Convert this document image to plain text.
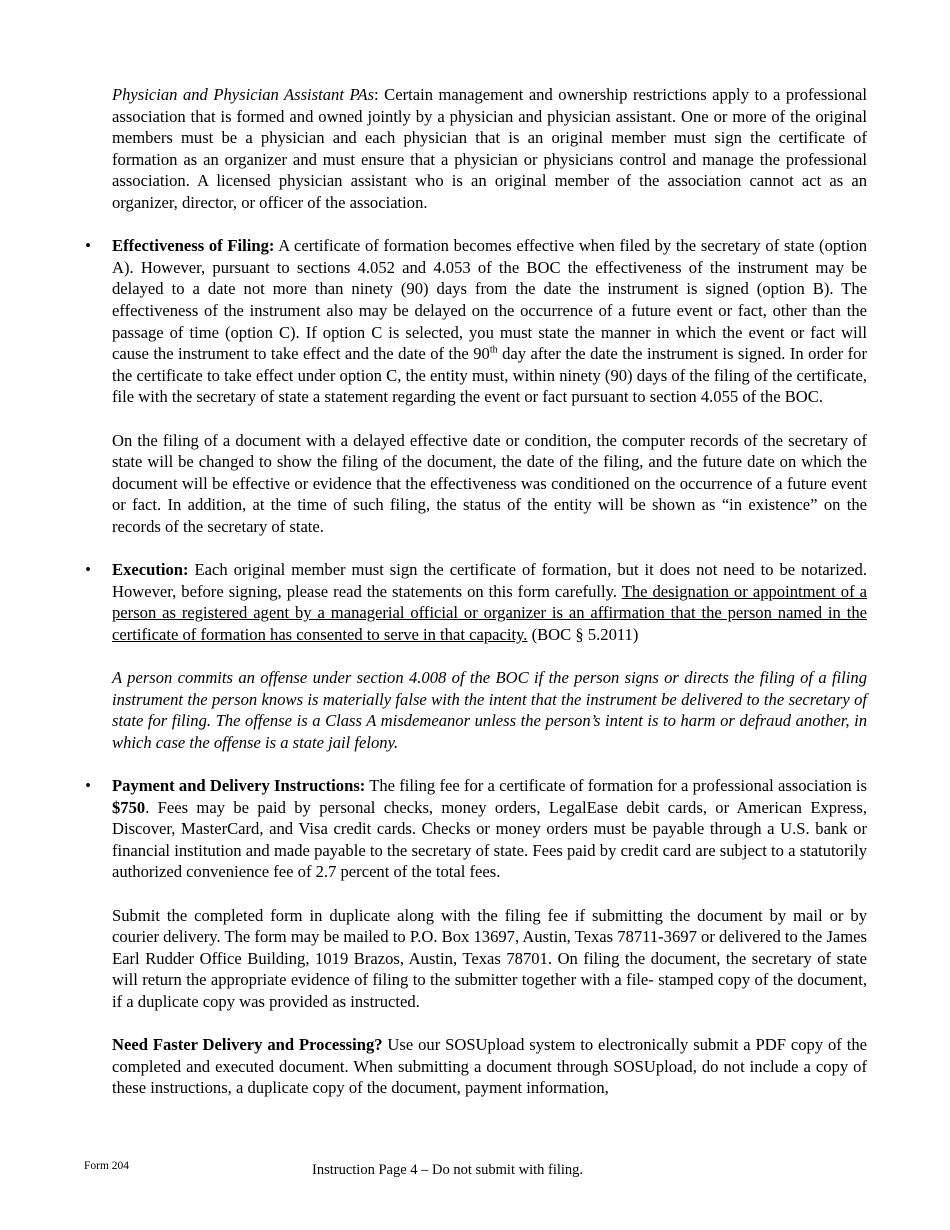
Physician and Physician Assistant PAs: Certain management and ownership restrictions apply to a professional association that is formed and owned jointly by a physician and physician assistant. One or more of the original members must be a physician and each physician that is an original member must sign the certificate of formation as an organizer and must ensure that a physician or physicians control and manage the professional association. A licensed physician assistant who is an original member of the association cannot act as an organizer, director, or officer of the association.

• Effectiveness of Filing: A certificate of formation becomes effective when filed by the secretary of state (option A). However, pursuant to sections 4.052 and 4.053 of the BOC the effectiveness of the instrument may be delayed to a date not more than ninety (90) days from the date the instrument is signed (option B). The effectiveness of the instrument also may be delayed on the occurrence of a future event or fact, other than the passage of time (option C). If option C is selected, you must state the manner in which the event or fact will cause the instrument to take effect and the date of the 90th day after the date the instrument is signed. In order for the certificate to take effect under option C, the entity must, within ninety (90) days of the filing of the certificate, file with the secretary of state a statement regarding the event or fact pursuant to section 4.055 of the BOC.

On the filing of a document with a delayed effective date or condition, the computer records of the secretary of state will be changed to show the filing of the document, the date of the filing, and the future date on which the document will be effective or evidence that the effectiveness was conditioned on the occurrence of a future event or fact. In addition, at the time of such filing, the status of the entity will be shown as “in existence” on the records of the secretary of state.

• Execution: Each original member must sign the certificate of formation, but it does not need to be notarized. However, before signing, please read the statements on this form carefully. The designation or appointment of a person as registered agent by a managerial official or organizer is an affirmation that the person named in the certificate of formation has consented to serve in that capacity. (BOC § 5.2011)

A person commits an offense under section 4.008 of the BOC if the person signs or directs the filing of a filing instrument the person knows is materially false with the intent that the instrument be delivered to the secretary of state for filing. The offense is a Class A misdemeanor unless the person’s intent is to harm or defraud another, in which case the offense is a state jail felony.

• Payment and Delivery Instructions: The filing fee for a certificate of formation for a professional association is $750. Fees may be paid by personal checks, money orders, LegalEase debit cards, or American Express, Discover, MasterCard, and Visa credit cards. Checks or money orders must be payable through a U.S. bank or financial institution and made payable to the secretary of state. Fees paid by credit card are subject to a statutorily authorized convenience fee of 2.7 percent of the total fees.

Submit the completed form in duplicate along with the filing fee if submitting the document by mail or by courier delivery. The form may be mailed to P.O. Box 13697, Austin, Texas 78711-3697 or delivered to the James Earl Rudder Office Building, 1019 Brazos, Austin, Texas 78701. On filing the document, the secretary of state will return the appropriate evidence of filing to the submitter together with a file- stamped copy of the document, if a duplicate copy was provided as instructed.

Need Faster Delivery and Processing? Use our SOSUpload system to electronically submit a PDF copy of the completed and executed document. When submitting a document through SOSUpload, do not include a copy of these instructions, a duplicate copy of the document, payment information,

Form 204	Instruction Page 4 – Do not submit with filing.
